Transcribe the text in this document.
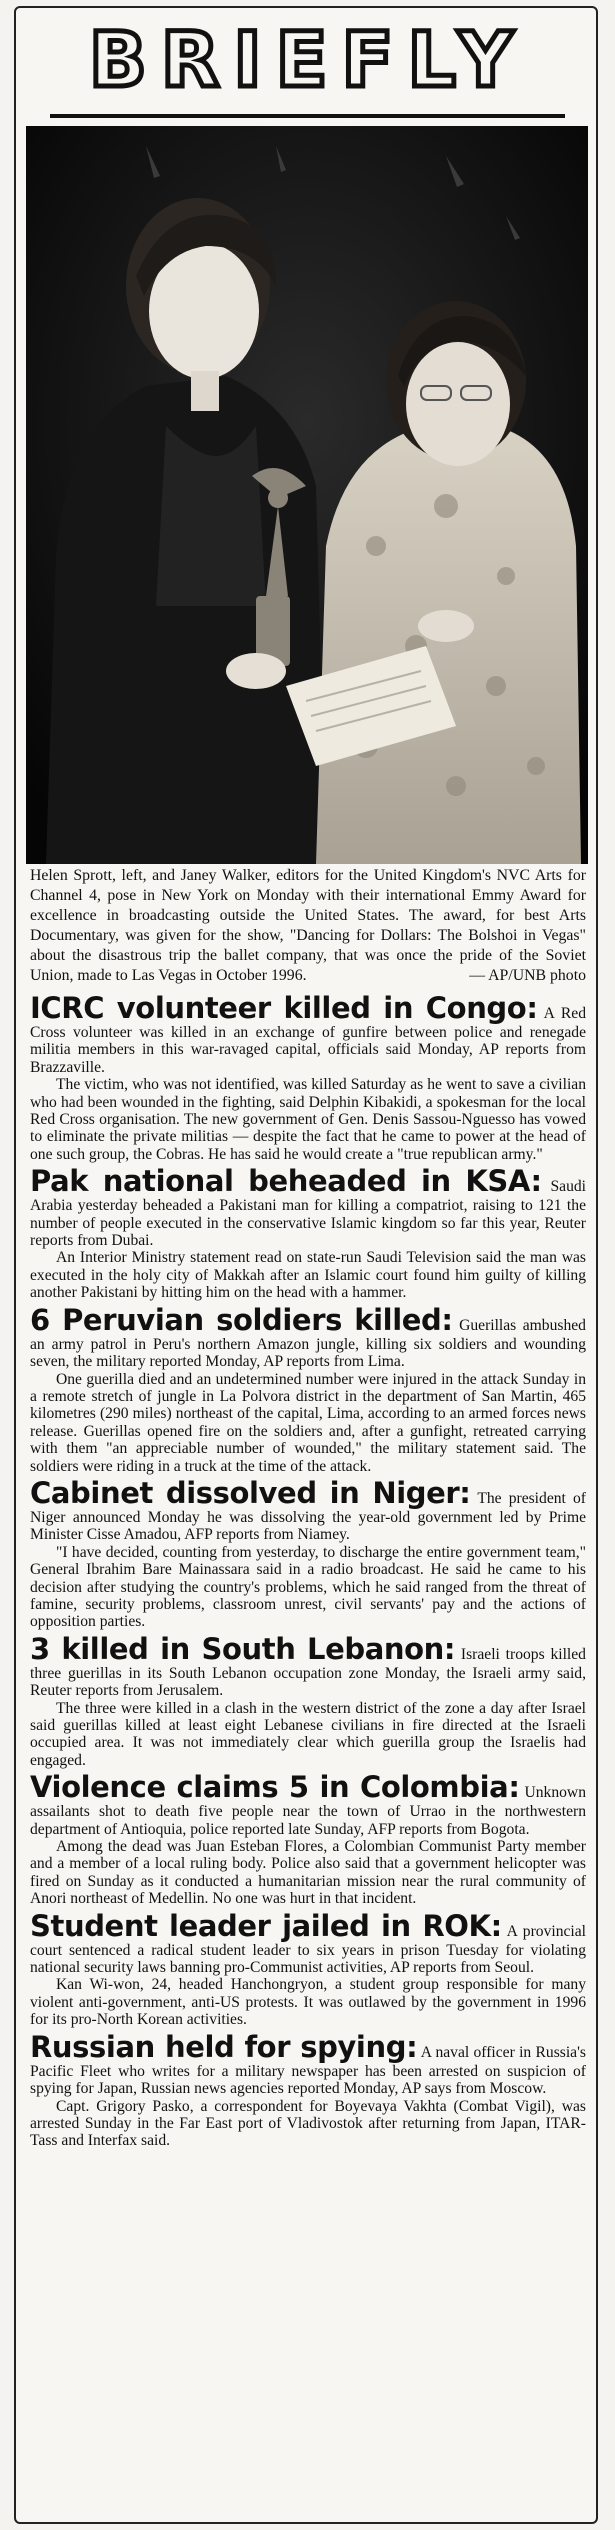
BRIEFLY
Helen Sprott, left, and Janey Walker, editors for the United Kingdom's NVC Arts for Channel 4, pose in New York on Monday with their international Emmy Award for excellence in broadcasting outside the United States. The award, for best Arts Documentary, was given for the show, "Dancing for Dollars: The Bolshoi in Vegas" about the disastrous trip the ballet company, that was once the pride of the Soviet Union, made to Las Vegas in October 1996.	— AP/UNB photo

ICRC volunteer killed in Congo: A Red Cross volunteer was killed in an exchange of gunfire between police and renegade militia members in this war-ravaged capital, officials said Monday, AP reports from Brazzaville.

The victim, who was not identified, was killed Saturday as he went to save a civilian who had been wounded in the fighting, said Delphin Kibakidi, a spokesman for the local Red Cross organisation. The new government of Gen. Denis Sassou-Nguesso has vowed to eliminate the private militias — despite the fact that he came to power at the head of one such group, the Cobras. He has said he would create a "true republican army."

Pak national beheaded in KSA: Saudi Arabia yesterday beheaded a Pakistani man for killing a compatriot, raising to 121 the number of people executed in the conservative Islamic kingdom so far this year, Reuter reports from Dubai.

An Interior Ministry statement read on state-run Saudi Television said the man was executed in the holy city of Makkah after an Islamic court found him guilty of killing another Pakistani by hitting him on the head with a hammer.

6 Peruvian soldiers killed: Guerillas ambushed an army patrol in Peru's northern Amazon jungle, killing six soldiers and wounding seven, the military reported Monday, AP reports from Lima.

One guerilla died and an undetermined number were injured in the attack Sunday in a remote stretch of jungle in La Polvora district in the department of San Martin, 465 kilometres (290 miles) northeast of the capital, Lima, according to an armed forces news release. Guerillas opened fire on the soldiers and, after a gunfight, retreated carrying with them "an appreciable number of wounded," the military statement said. The soldiers were riding in a truck at the time of the attack.

Cabinet dissolved in Niger: The president of Niger announced Monday he was dissolving the year-old government led by Prime Minister Cisse Amadou, AFP reports from Niamey.

"I have decided, counting from yesterday, to discharge the entire government team," General Ibrahim Bare Mainassara said in a radio broadcast. He said he came to his decision after studying the country's problems, which he said ranged from the threat of famine, security problems, classroom unrest, civil servants' pay and the actions of opposition parties.

3 killed in South Lebanon: Israeli troops killed three guerillas in its South Lebanon occupation zone Monday, the Israeli army said, Reuter reports from Jerusalem.

The three were killed in a clash in the western district of the zone a day after Israel said guerillas killed at least eight Lebanese civilians in fire directed at the Israeli occupied area. It was not immediately clear which guerilla group the Israelis had engaged.

Violence claims 5 in Colombia: Unknown assailants shot to death five people near the town of Urrao in the northwestern department of Antioquia, police reported late Sunday, AFP reports from Bogota.

Among the dead was Juan Esteban Flores, a Colombian Communist Party member and a member of a local ruling body. Police also said that a government helicopter was fired on Sunday as it conducted a humanitarian mission near the rural community of Anori northeast of Medellin. No one was hurt in that incident.

Student leader jailed in ROK: A provincial court sentenced a radical student leader to six years in prison Tuesday for violating national security laws banning pro-Communist activities, AP reports from Seoul.

Kan Wi-won, 24, headed Hanchongryon, a student group responsible for many violent anti-government, anti-US protests. It was outlawed by the government in 1996 for its pro-North Korean activities.

Russian held for spying: A naval officer in Russia's Pacific Fleet who writes for a military newspaper has been arrested on suspicion of spying for Japan, Russian news agencies reported Monday, AP says from Moscow.

Capt. Grigory Pasko, a correspondent for Boyevaya Vakhta (Combat Vigil), was arrested Sunday in the Far East port of Vladivostok after returning from Japan, ITAR-Tass and Interfax said.
